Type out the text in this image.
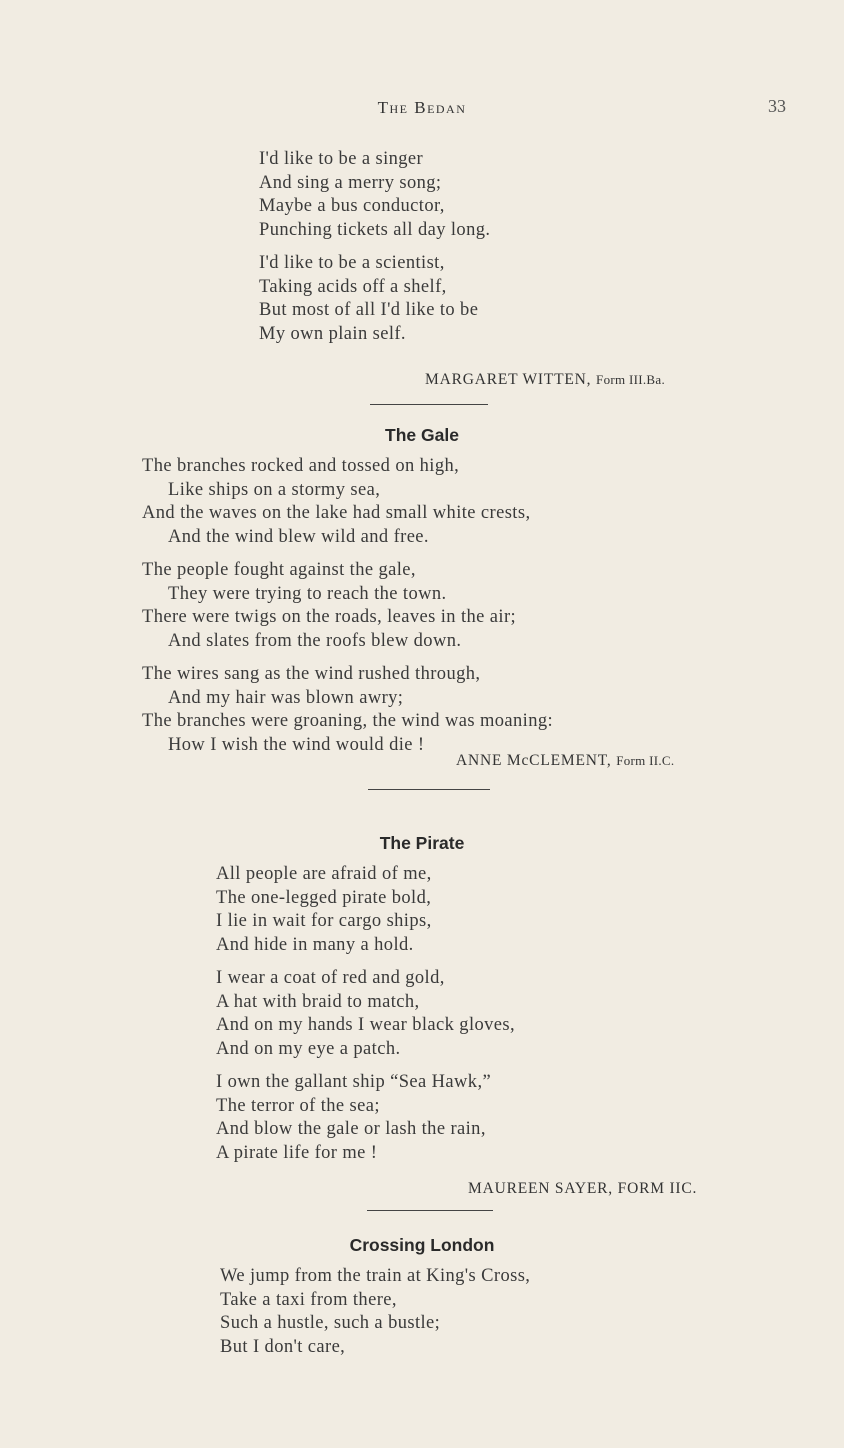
The Bedan	33
I'd like to be a singer
And sing a merry song;
Maybe a bus conductor,
Punching tickets all day long.
I'd like to be a scientist,
Taking acids off a shelf,
But most of all I'd like to be
My own plain self.
MARGARET WITTEN, Form III.Ba.
The Gale
The branches rocked and tossed on high,
Like ships on a stormy sea,
And the waves on the lake had small white crests,
And the wind blew wild and free.
The people fought against the gale,
They were trying to reach the town.
There were twigs on the roads, leaves in the air;
And slates from the roofs blew down.
The wires sang as the wind rushed through,
And my hair was blown awry;
The branches were groaning, the wind was moaning:
How I wish the wind would die !
ANNE McCLEMENT, Form II.C.
The Pirate
All people are afraid of me,
The one-legged pirate bold,
I lie in wait for cargo ships,
And hide in many a hold.
I wear a coat of red and gold,
A hat with braid to match,
And on my hands I wear black gloves,
And on my eye a patch.
I own the gallant ship “Sea Hawk,”
The terror of the sea;
And blow the gale or lash the rain,
A pirate life for me !
MAUREEN SAYER, FORM IIC.
Crossing London
We jump from the train at King's Cross,
Take a taxi from there,
Such a hustle, such a bustle;
But I don't care,
